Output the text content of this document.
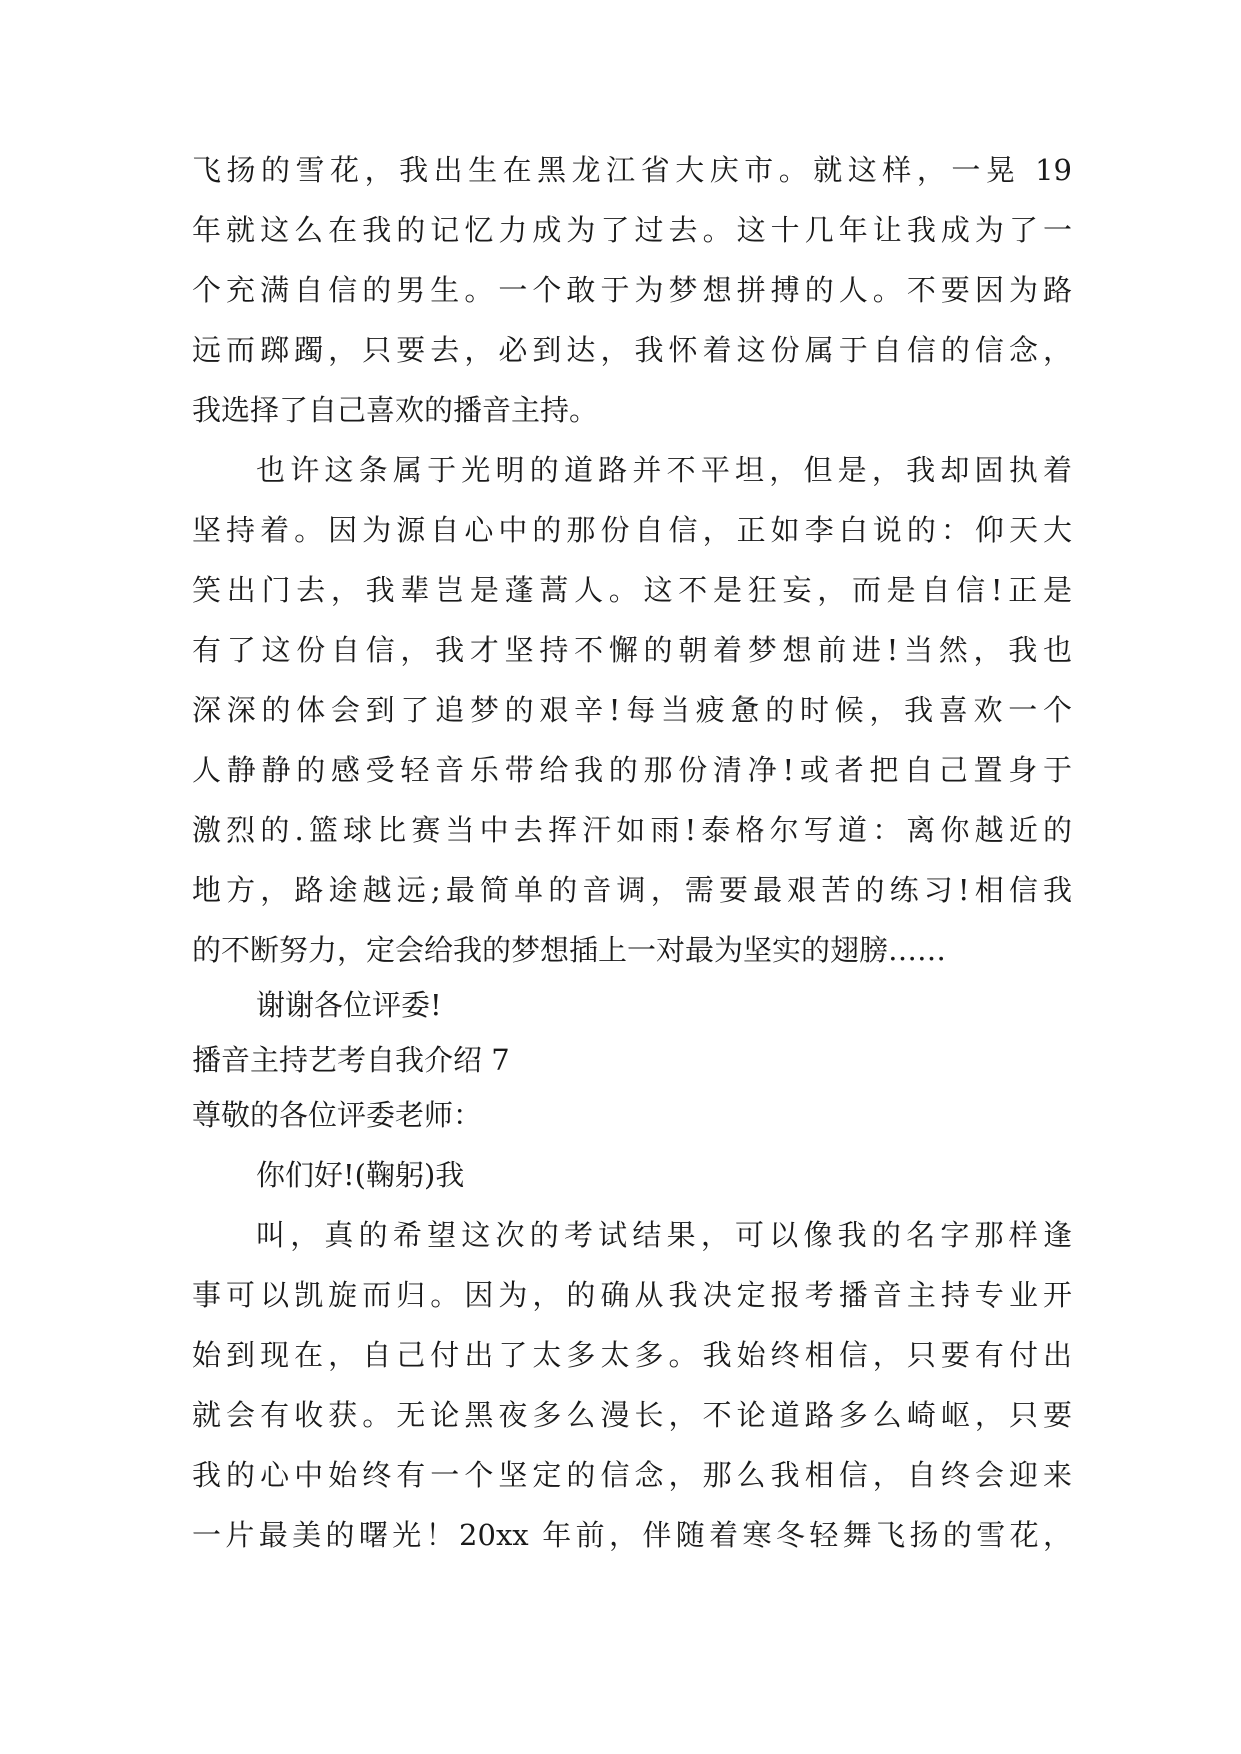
飞扬的雪花，我出生在黑龙江省大庆市。就这样，一晃 19
年就这么在我的记忆力成为了过去。这十几年让我成为了一
个充满自信的男生。一个敢于为梦想拼搏的人。不要因为路
远而踯躅，只要去，必到达，我怀着这份属于自信的信念，
我选择了自己喜欢的播音主持。
也许这条属于光明的道路并不平坦，但是，我却固执着
坚持着。因为源自心中的那份自信，正如李白说的：仰天大
笑出门去，我辈岂是蓬蒿人。这不是狂妄，而是自信!正是
有了这份自信，我才坚持不懈的朝着梦想前进!当然，我也
深深的体会到了追梦的艰辛!每当疲惫的时候，我喜欢一个
人静静的感受轻音乐带给我的那份清净!或者把自己置身于
激烈的.篮球比赛当中去挥汗如雨!泰格尔写道：离你越近的
地方，路途越远;最简单的音调，需要最艰苦的练习!相信我
的不断努力，定会给我的梦想插上一对最为坚实的翅膀……
谢谢各位评委!
播音主持艺考自我介绍 7
尊敬的各位评委老师：
你们好!(鞠躬)我
叫，真的希望这次的考试结果，可以像我的名字那样逢
事可以凯旋而归。因为，的确从我决定报考播音主持专业开
始到现在，自己付出了太多太多。我始终相信，只要有付出
就会有收获。无论黑夜多么漫长，不论道路多么崎岖，只要
我的心中始终有一个坚定的信念，那么我相信，自终会迎来
一片最美的曙光！20xx 年前，伴随着寒冬轻舞飞扬的雪花，
